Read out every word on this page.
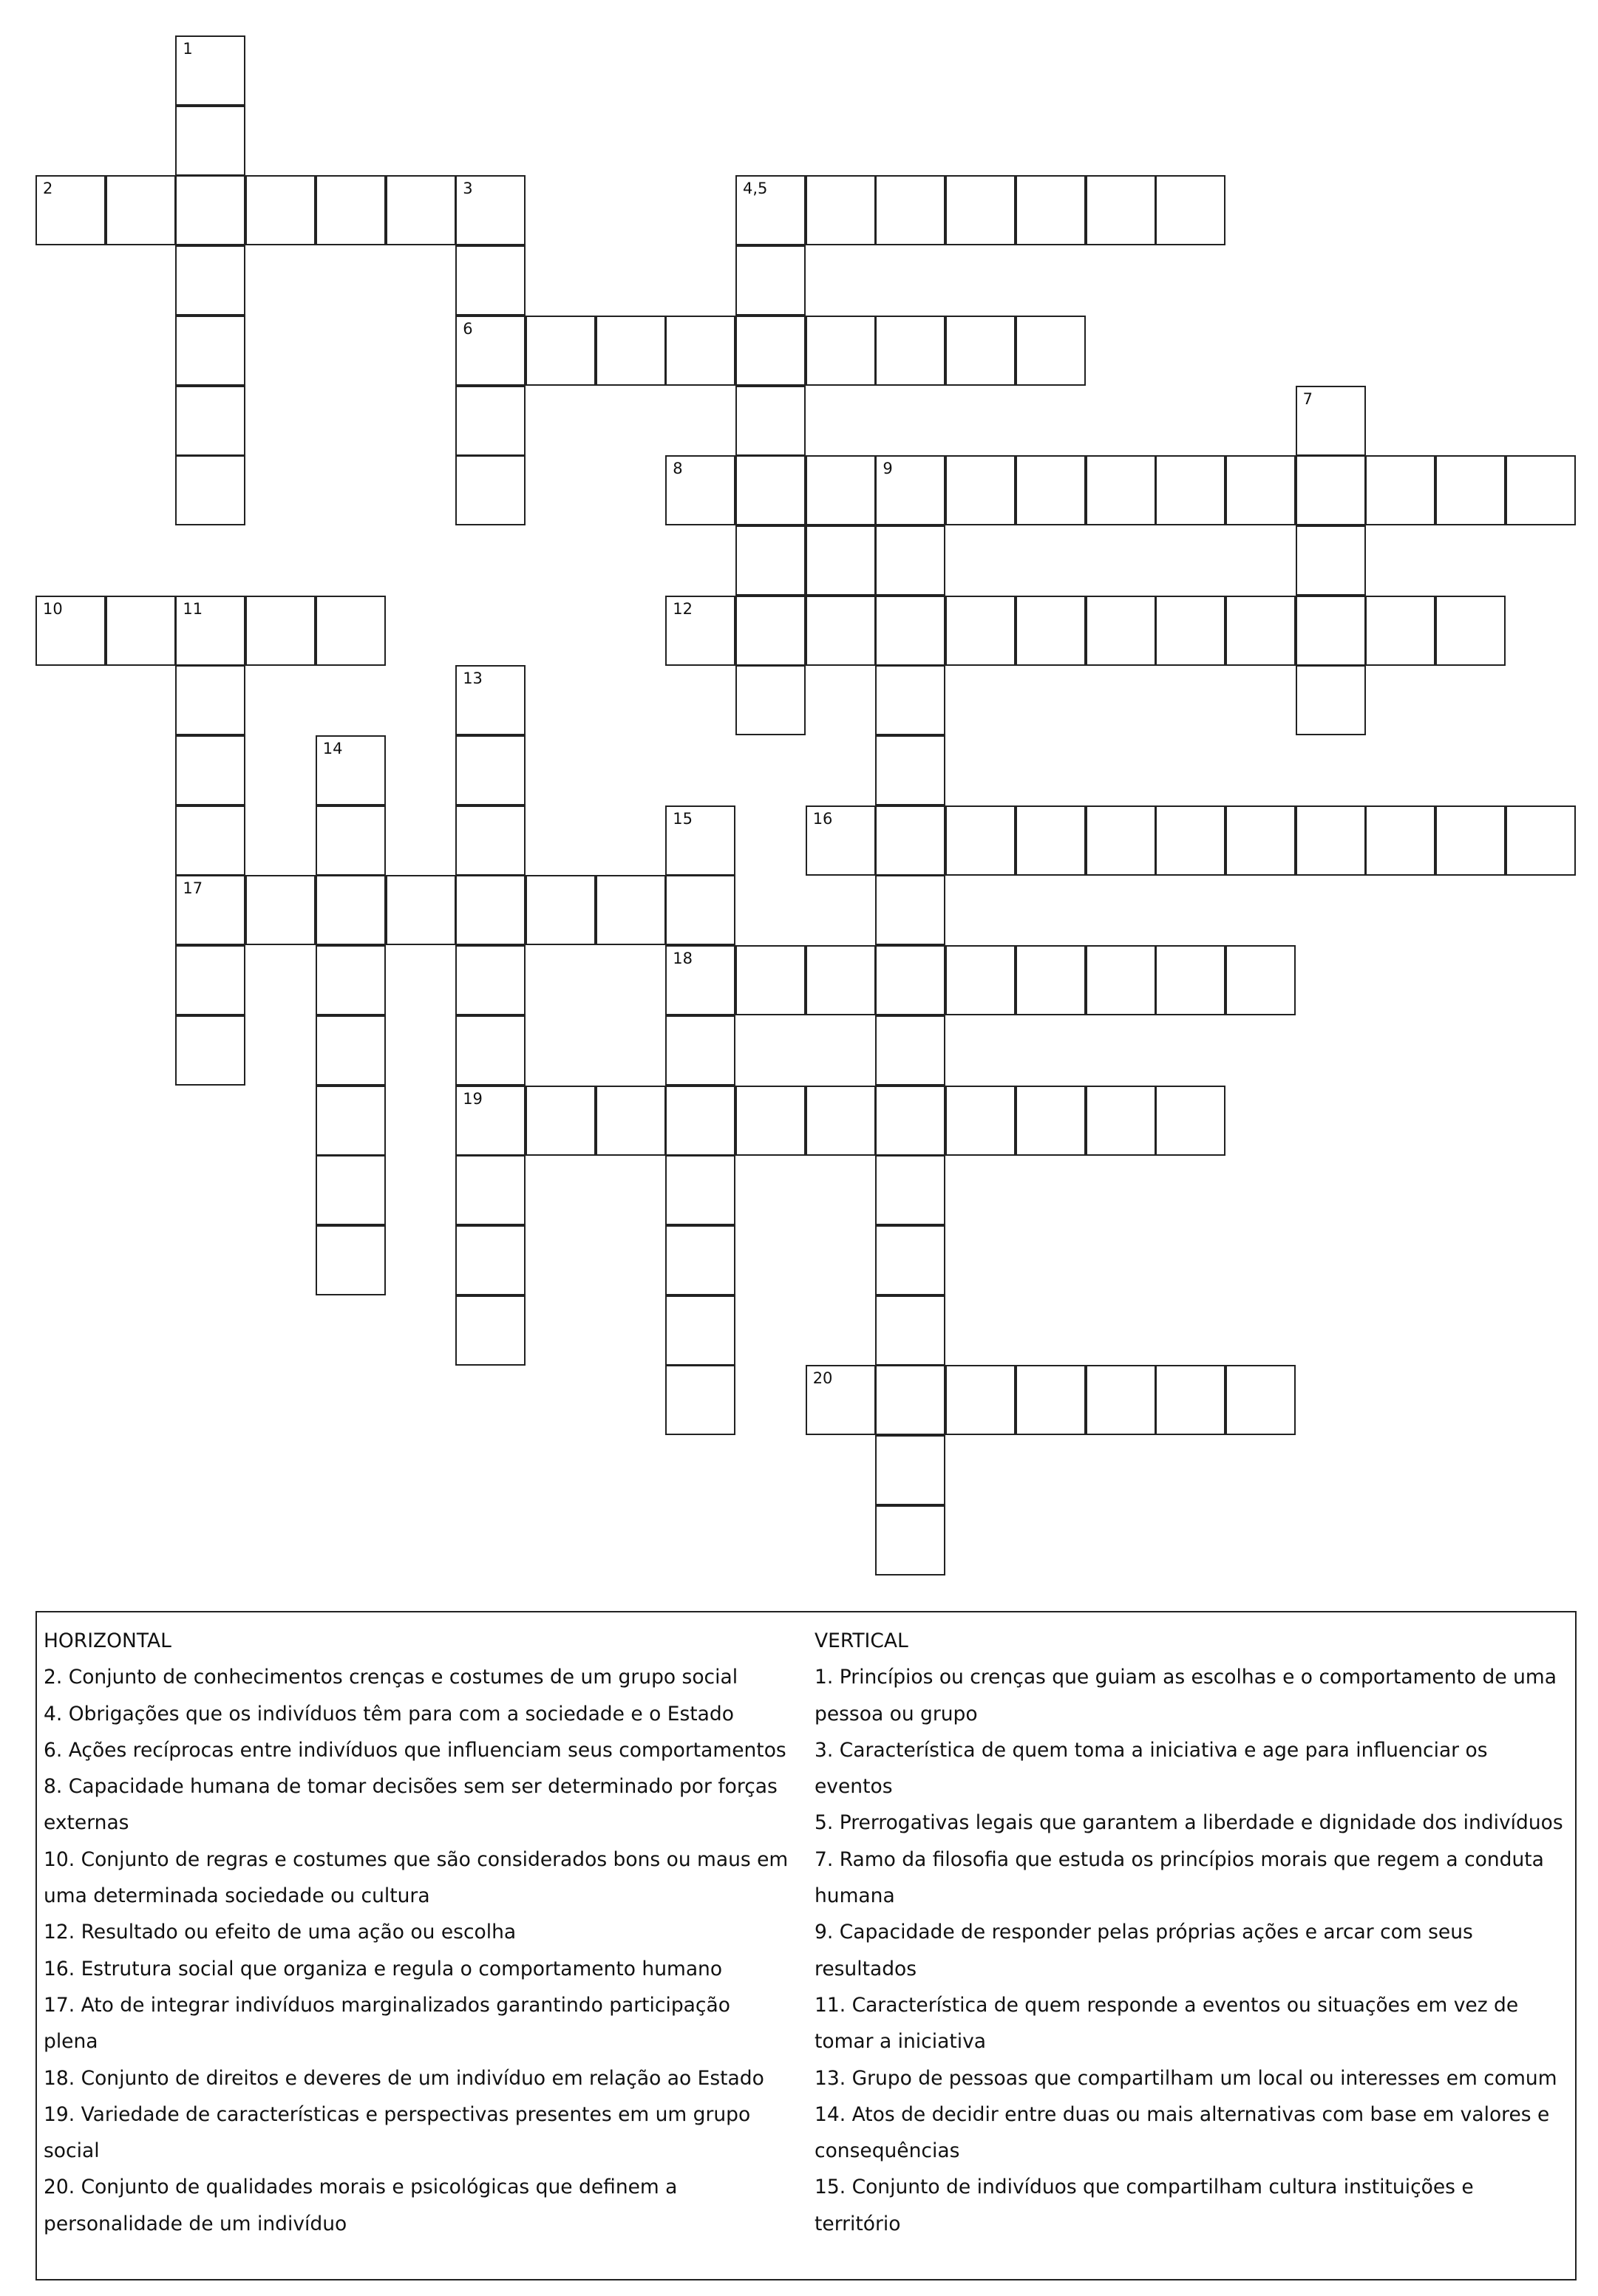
1
2	3	4,5
6
7
8	9
10	11	12
13
14
15	16
17
18
19
20

HORIZONTAL

2. Conjunto de conhecimentos crenças e costumes de um grupo social

4. Obrigações que os indivíduos têm para com a sociedade e o Estado

6. Ações recíprocas entre indivíduos que influenciam seus comportamentos

8. Capacidade humana de tomar decisões sem ser determinado por forças

externas

10. Conjunto de regras e costumes que são considerados bons ou maus em

uma determinada sociedade ou cultura

12. Resultado ou efeito de uma ação ou escolha

16. Estrutura social que organiza e regula o comportamento humano

17. Ato de integrar indivíduos marginalizados garantindo participação

plena

18. Conjunto de direitos e deveres de um indivíduo em relação ao Estado

19. Variedade de características e perspectivas presentes em um grupo

social

20. Conjunto de qualidades morais e psicológicas que definem a

personalidade de um indivíduo

VERTICAL

1. Princípios ou crenças que guiam as escolhas e o comportamento de uma

pessoa ou grupo

3. Característica de quem toma a iniciativa e age para influenciar os

eventos

5. Prerrogativas legais que garantem a liberdade e dignidade dos indivíduos

7. Ramo da filosofia que estuda os princípios morais que regem a conduta

humana

9. Capacidade de responder pelas próprias ações e arcar com seus

resultados

11. Característica de quem responde a eventos ou situações em vez de

tomar a iniciativa

13. Grupo de pessoas que compartilham um local ou interesses em comum

14. Atos de decidir entre duas ou mais alternativas com base em valores e

consequências

15. Conjunto de indivíduos que compartilham cultura instituições e

território
